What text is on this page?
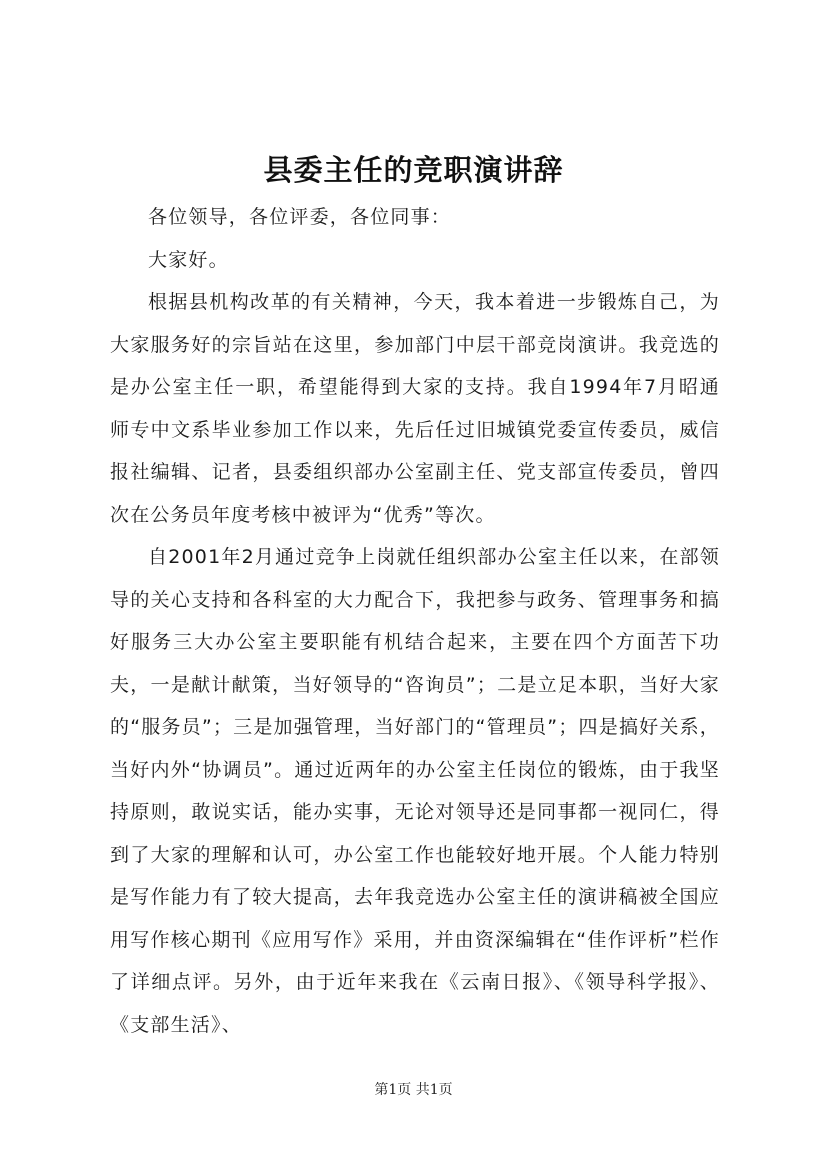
县委主任的竞职演讲辞

各位领导，各位评委，各位同事：

大家好。

根据县机构改革的有关精神，今天，我本着进一步锻炼自己，为大家服务好的宗旨站在这里，参加部门中层干部竞岗演讲。我竞选的是办公室主任一职，希望能得到大家的支持。我自1994年7月昭通师专中文系毕业参加工作以来，先后任过旧城镇党委宣传委员，威信报社编辑、记者，县委组织部办公室副主任、党支部宣传委员，曾四次在公务员年度考核中被评为“优秀”等次。

自2001年2月通过竞争上岗就任组织部办公室主任以来，在部领导的关心支持和各科室的大力配合下，我把参与政务、管理事务和搞好服务三大办公室主要职能有机结合起来，主要在四个方面苦下功夫，一是献计献策，当好领导的“咨询员”；二是立足本职，当好大家的“服务员”；三是加强管理，当好部门的“管理员”；四是搞好关系，当好内外“协调员”。通过近两年的办公室主任岗位的锻炼，由于我坚持原则，敢说实话，能办实事，无论对领导还是同事都一视同仁，得到了大家的理解和认可，办公室工作也能较好地开展。个人能力特别是写作能力有了较大提高，去年我竞选办公室主任的演讲稿被全国应用写作核心期刊《应用写作》采用，并由资深编辑在“佳作评析”栏作了详细点评。另外，由于近年来我在《云南日报》、《领导科学报》、《支部生活》、

第1页 共1页
